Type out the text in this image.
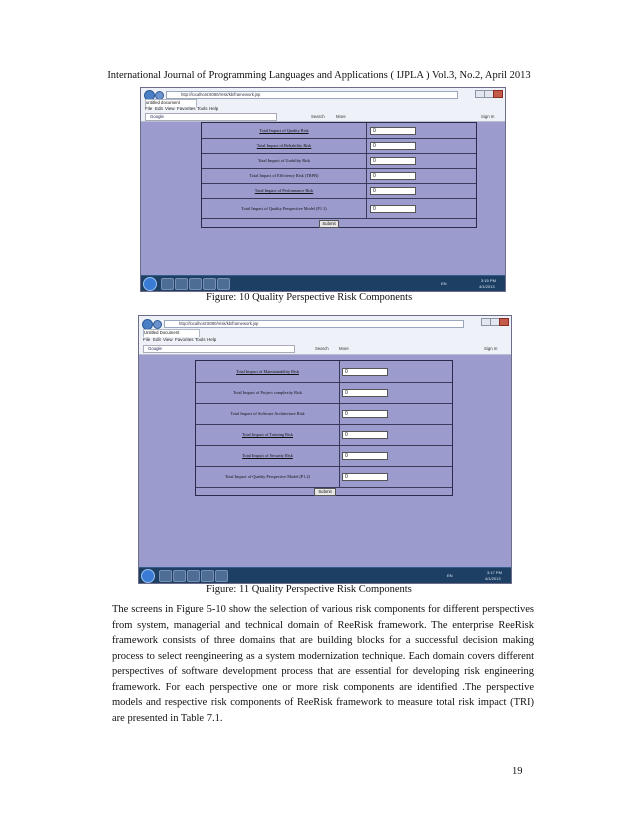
International Journal of Programming Languages and Applications ( IJPLA ) Vol.3, No.2, April 2013
http://localhost:8080/rrisk/kb/framework.jsp
untitled document
File Edit View Favorites Tools Help
Google	Search	More	Sign In
Total Impact of Quality Risk	0
Total Impact of Reliability Risk	0
Total Impact of Usability Risk	0
Total Impact of Efficiency Risk (TRFR)	0
Total Impact of Performance Risk	0
Total Impact of Quality Perspective Model (P1.1)	0
Submit
EN
3:15 PM
4/1/2013
Figure: 10 Quality Perspective Risk Components
http://localhost:8080/rrisk/kb/framework.jsp
Untitled Document
File Edit View Favorites Tools Help
Google	Search More	Sign In
Total Impact of Maintainability Risk	0
Total Impact of Project complexity Risk	0
Total Impact of Software Architecture Risk	0
Total Impact of Training Risk	0
Total Impact of Security Risk	0
Total Impact of Quality Perspective Model (P1.2)	0
Submit
EN
3:17 PM
4/1/2013
Figure: 11 Quality Perspective Risk Components

The screens in Figure 5-10 show the selection of various risk components for different perspectives from system, managerial and technical domain of ReeRisk framework. The enterprise ReeRisk framework consists of three domains that are building blocks for a successful decision making process to select reengineering as a system modernization technique. Each domain covers different perspectives of software development process that are essential for developing risk engineering framework. For each perspective one or more risk components are identified .The perspective models and respective risk components of ReeRisk framework to measure total risk impact (TRI) are presented in Table 7.1.

19
